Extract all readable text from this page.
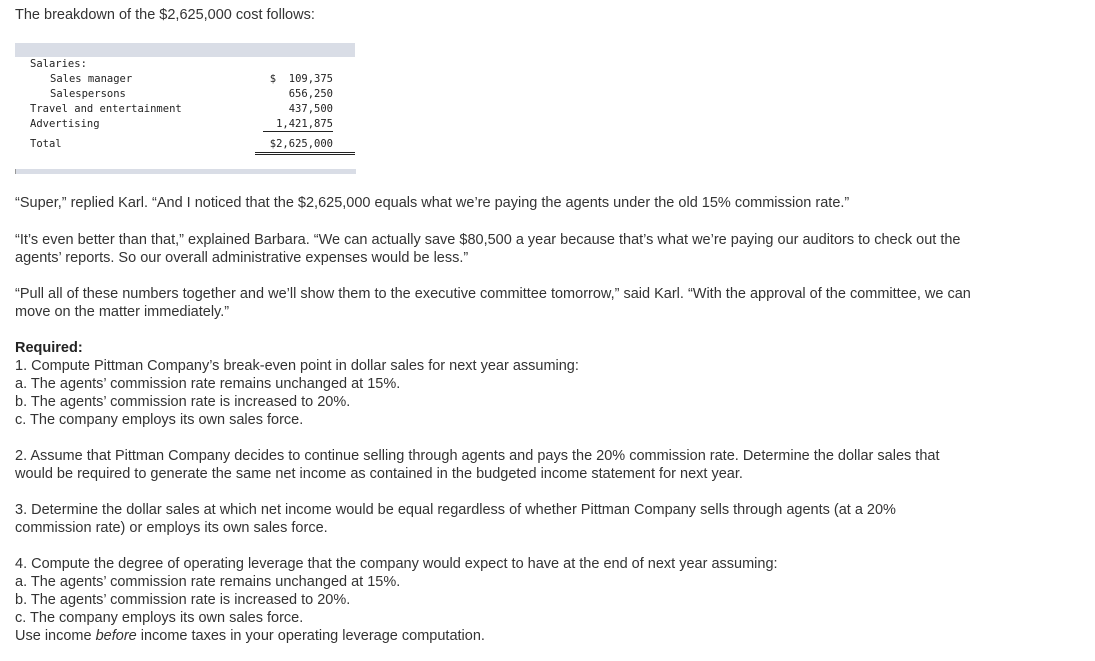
The breakdown of the $2,625,000 cost follows:

Salaries:
Sales manager	$  109,375
Salespersons	656,250
Travel and entertainment	437,500
Advertising	1,421,875
Total	$2,625,000

“Super,” replied Karl. “And I noticed that the $2,625,000 equals what we’re paying the agents under the old 15% commission rate.”

“It’s even better than that,” explained Barbara. “We can actually save $80,500 a year because that’s what we’re paying our auditors to check out the agents’ reports. So our overall administrative expenses would be less.”

“Pull all of these numbers together and we’ll show them to the executive committee tomorrow,” said Karl. “With the approval of the committee, we can move on the matter immediately.”

Required:
1. Compute Pittman Company’s break-even point in dollar sales for next year assuming:
a. The agents’ commission rate remains unchanged at 15%.
b. The agents’ commission rate is increased to 20%.
c. The company employs its own sales force.

2. Assume that Pittman Company decides to continue selling through agents and pays the 20% commission rate. Determine the dollar sales that would be required to generate the same net income as contained in the budgeted income statement for next year.

3. Determine the dollar sales at which net income would be equal regardless of whether Pittman Company sells through agents (at a 20% commission rate) or employs its own sales force.

4. Compute the degree of operating leverage that the company would expect to have at the end of next year assuming:
a. The agents’ commission rate remains unchanged at 15%.
b. The agents’ commission rate is increased to 20%.
c. The company employs its own sales force.
Use income before income taxes in your operating leverage computation.
